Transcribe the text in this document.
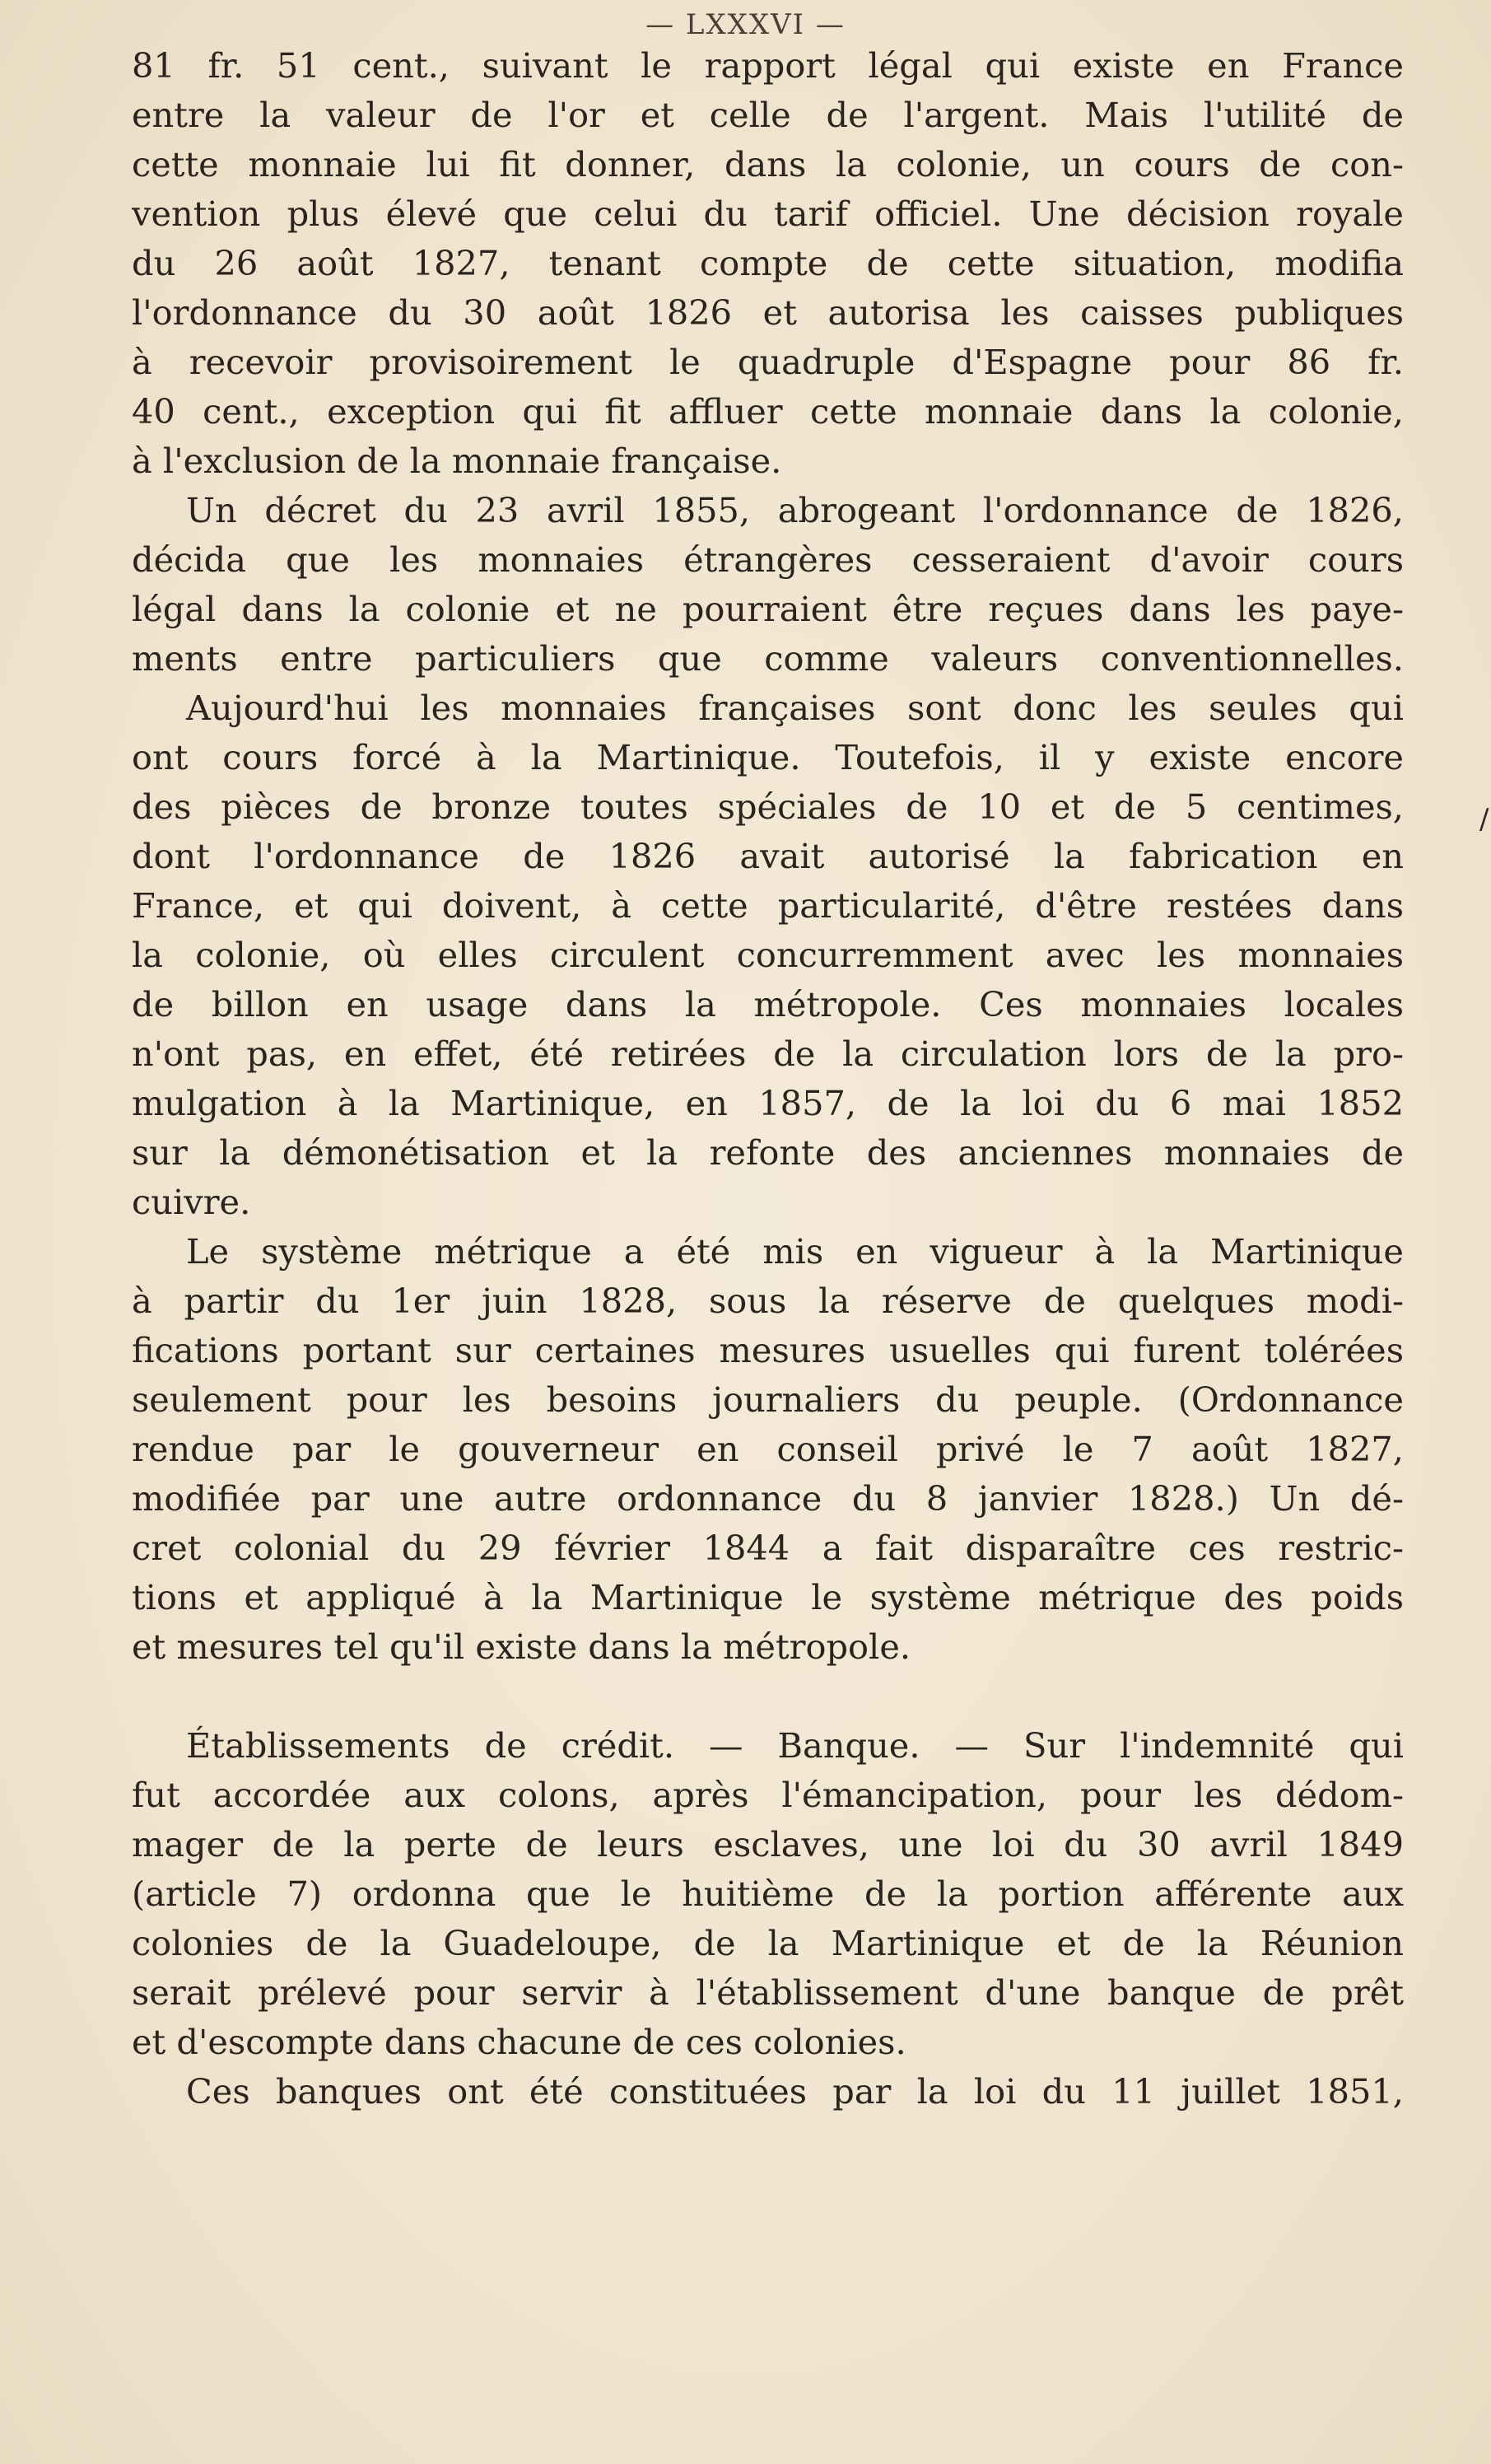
— LXXXVI —
81 fr. 51 cent., suivant le rapport légal qui existe en France
entre la valeur de l'or et celle de l'argent. Mais l'utilité de
cette monnaie lui fit donner, dans la colonie, un cours de con-
vention plus élevé que celui du tarif officiel. Une décision royale
du 26 août 1827, tenant compte de cette situation, modifia
l'ordonnance du 30 août 1826 et autorisa les caisses publiques
à recevoir provisoirement le quadruple d'Espagne pour 86 fr.
40 cent., exception qui fit affluer cette monnaie dans la colonie,
à l'exclusion de la monnaie française.
Un décret du 23 avril 1855, abrogeant l'ordonnance de 1826,
décida que les monnaies étrangères cesseraient d'avoir cours
légal dans la colonie et ne pourraient être reçues dans les paye-
ments entre particuliers que comme valeurs conventionnelles.
Aujourd'hui les monnaies françaises sont donc les seules qui
ont cours forcé à la Martinique. Toutefois, il y existe encore
des pièces de bronze toutes spéciales de 10 et de 5 centimes,
dont l'ordonnance de 1826 avait autorisé la fabrication en
France, et qui doivent, à cette particularité, d'être restées dans
la colonie, où elles circulent concurremment avec les monnaies
de billon en usage dans la métropole. Ces monnaies locales
n'ont pas, en effet, été retirées de la circulation lors de la pro-
mulgation à la Martinique, en 1857, de la loi du 6 mai 1852
sur la démonétisation et la refonte des anciennes monnaies de
cuivre.
Le système métrique a été mis en vigueur à la Martinique
à partir du 1er juin 1828, sous la réserve de quelques modi-
fications portant sur certaines mesures usuelles qui furent tolérées
seulement pour les besoins journaliers du peuple. (Ordonnance
rendue par le gouverneur en conseil privé le 7 août 1827,
modifiée par une autre ordonnance du 8 janvier 1828.) Un dé-
cret colonial du 29 février 1844 a fait disparaître ces restric-
tions et appliqué à la Martinique le système métrique des poids
et mesures tel qu'il existe dans la métropole.
Établissements de crédit. — Banque. — Sur l'indemnité qui
fut accordée aux colons, après l'émancipation, pour les dédom-
mager de la perte de leurs esclaves, une loi du 30 avril 1849
(article 7) ordonna que le huitième de la portion afférente aux
colonies de la Guadeloupe, de la Martinique et de la Réunion
serait prélevé pour servir à l'établissement d'une banque de prêt
et d'escompte dans chacune de ces colonies.
Ces banques ont été constituées par la loi du 11 juillet 1851,
/
